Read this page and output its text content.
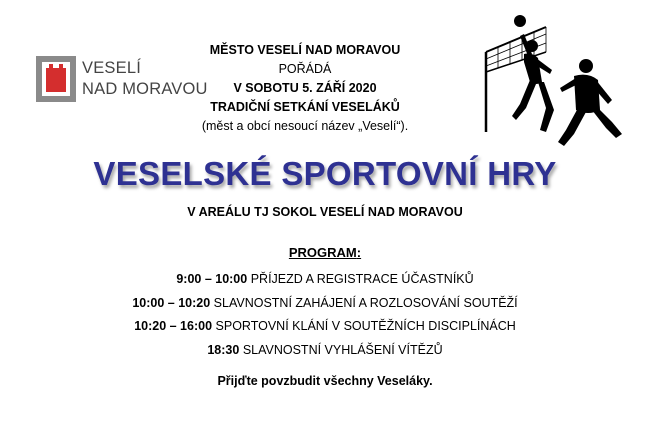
VESELÍ
NAD MORAVOU
MĚSTO VESELÍ NAD MORAVOU
POŘÁDÁ
V SOBOTU 5. ZÁŘÍ 2020
TRADIČNÍ SETKÁNÍ VESELÁKŮ
(měst a obcí nesoucí název „Veselí“).
VESELSKÉ SPORTOVNÍ HRY
V AREÁLU TJ SOKOL VESELÍ NAD MORAVOU
PROGRAM:
9:00 – 10:00 PŘÍJEZD A REGISTRACE ÚČASTNÍKŮ
10:00 – 10:20 SLAVNOSTNÍ ZAHÁJENÍ A ROZLOSOVÁNÍ SOUTĚŽÍ
10:20 – 16:00 SPORTOVNÍ KLÁNÍ V SOUTĚŽNÍCH DISCIPLÍNÁCH
18:30 SLAVNOSTNÍ VYHLÁŠENÍ VÍTĚZŮ
Přijďte povzbudit všechny Veseláky.
